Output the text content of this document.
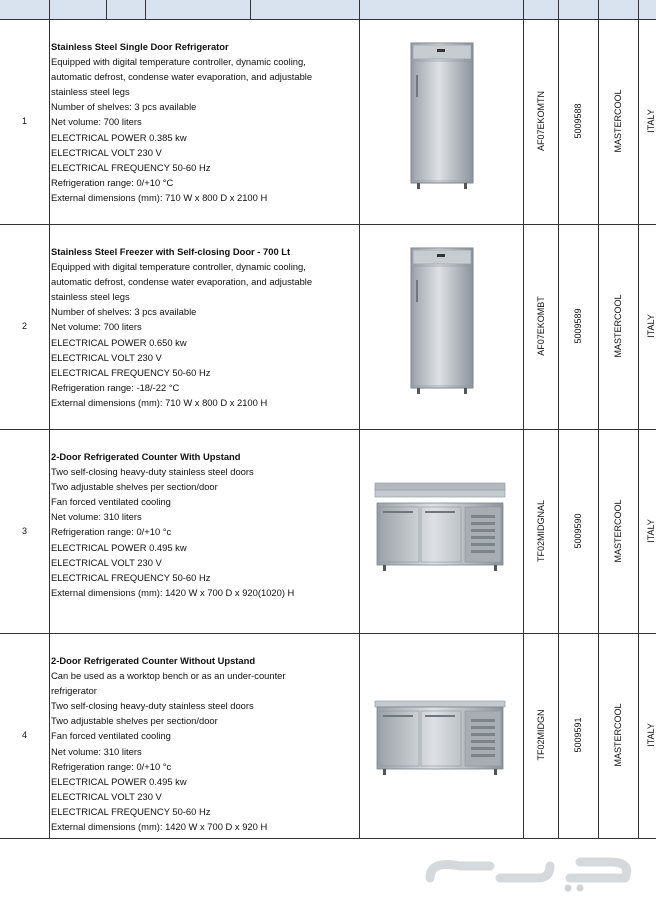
1
Stainless Steel Single Door Refrigerator
Equipped with digital temperature controller, dynamic cooling,
automatic defrost, condense water evaporation, and adjustable
stainless steel legs
Number of shelves: 3 pcs available
Net volume: 700 liters
ELECTRICAL POWER 0.385 kw
ELECTRICAL VOLT 230 V
ELECTRICAL FREQUENCY 50-60 Hz
Refrigeration range: 0/+10 °C
External dimensions (mm): 710 W x 800 D x 2100 H
AF07EKOMTN	5009588	MASTERCOOL	ITALY
2
Stainless Steel Freezer with Self-closing Door - 700 Lt
Equipped with digital temperature controller, dynamic cooling,
automatic defrost, condense water evaporation, and adjustable
stainless steel legs
Number of shelves: 3 pcs available
Net volume: 700 liters
ELECTRICAL POWER 0.650 kw
ELECTRICAL VOLT 230 V
ELECTRICAL FREQUENCY 50-60 Hz
Refrigeration range: -18/-22 °C
External dimensions (mm): 710 W x 800 D x 2100 H
AF07EKOMBT	5009589	MASTERCOOL	ITALY
3
2-Door Refrigerated Counter With Upstand
Two self-closing heavy-duty stainless steel doors
Two adjustable shelves per section/door
Fan forced ventilated cooling
Net volume: 310 liters
Refrigeration range: 0/+10 °c
ELECTRICAL POWER 0.495 kw
ELECTRICAL VOLT 230 V
ELECTRICAL FREQUENCY 50-60 Hz
External dimensions (mm): 1420 W x 700 D x 920(1020) H
TF02MIDGNAL	5009590	MASTERCOOL	ITALY
4
2-Door Refrigerated Counter Without Upstand
Can be used as a worktop bench or as an under-counter
refrigerator
Two self-closing heavy-duty stainless steel doors
Two adjustable shelves per section/door
Fan forced ventilated cooling
Net volume: 310 liters
Refrigeration range: 0/+10 °c
ELECTRICAL POWER 0.495 kw
ELECTRICAL VOLT 230 V
ELECTRICAL FREQUENCY 50-60 Hz
External dimensions (mm): 1420 W x 700 D x 920 H
TF02MIDGN	5009591	MASTERCOOL	ITALY
